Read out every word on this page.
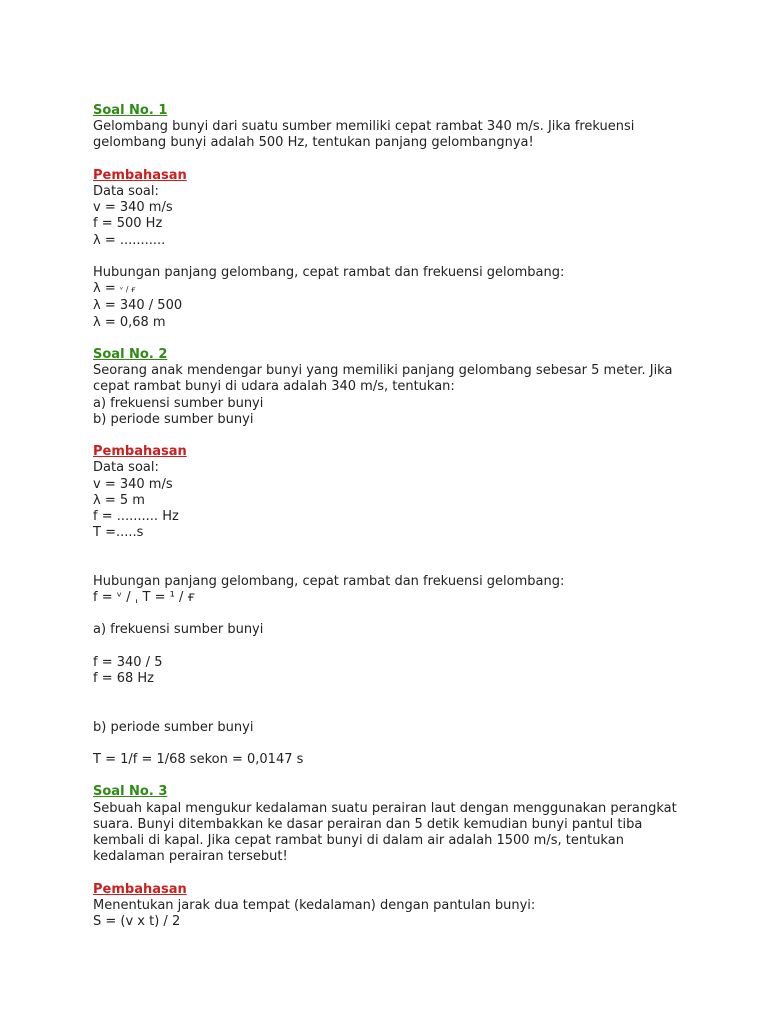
Soal No. 1
Gelombang bunyi dari suatu sumber memiliki cepat rambat 340 m/s. Jika frekuensi
gelombang bunyi adalah 500 Hz, tentukan panjang gelombangnya!
Pembahasan
Data soal:
v = 340 m/s
f = 500 Hz
λ = ...........
Hubungan panjang gelombang, cepat rambat dan frekuensi gelombang:
λ = ᵛ / ғ
λ = 340 / 500
λ = 0,68 m
Soal No. 2
Seorang anak mendengar bunyi yang memiliki panjang gelombang sebesar 5 meter. Jika
cepat rambat bunyi di udara adalah 340 m/s, tentukan:
a) frekuensi sumber bunyi
b) periode sumber bunyi
Pembahasan
Data soal:
v = 340 m/s
λ = 5 m
f = .......... Hz
T =.....s
Hubungan panjang gelombang, cepat rambat dan frekuensi gelombang:
f = ᵛ / ˌ T = ¹ / ғ
a) frekuensi sumber bunyi
f = 340 / 5
f = 68 Hz
b) periode sumber bunyi
T = 1/f = 1/68 sekon = 0,0147 s
Soal No. 3
Sebuah kapal mengukur kedalaman suatu perairan laut dengan menggunakan perangkat
suara. Bunyi ditembakkan ke dasar perairan dan 5 detik kemudian bunyi pantul tiba
kembali di kapal. Jika cepat rambat bunyi di dalam air adalah 1500 m/s, tentukan
kedalaman perairan tersebut!
Pembahasan
Menentukan jarak dua tempat (kedalaman) dengan pantulan bunyi:
S = (v x t) / 2
